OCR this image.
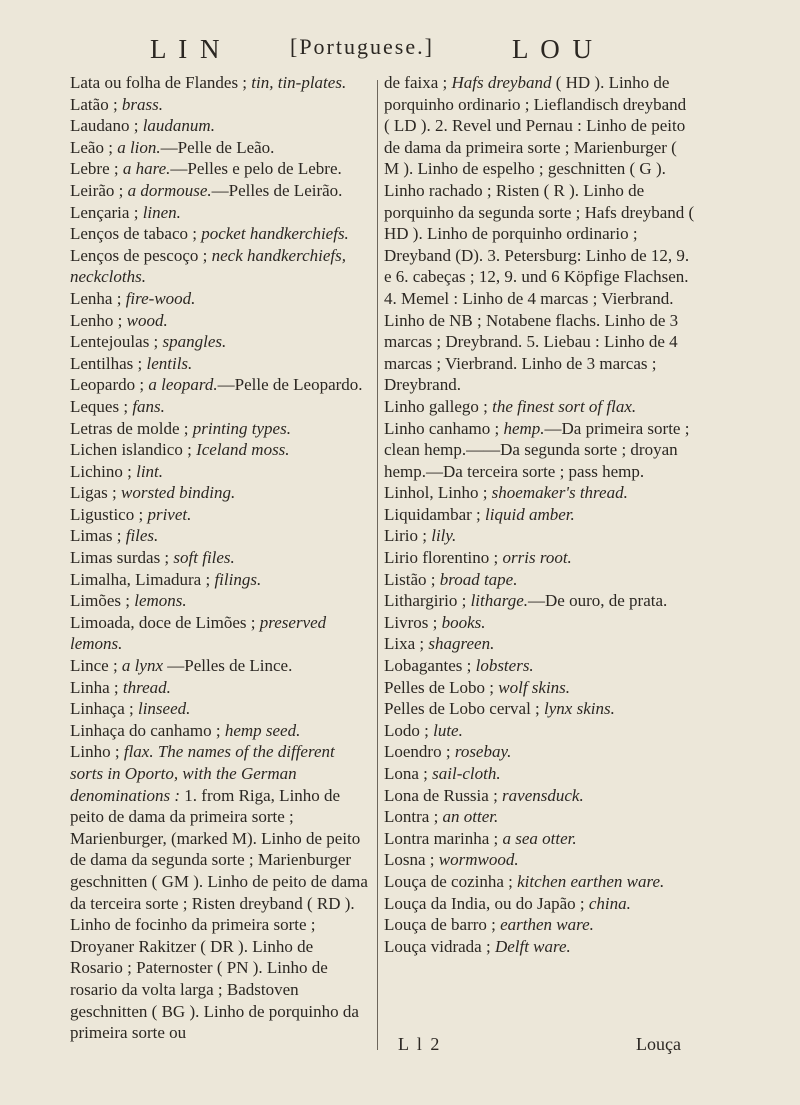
L I N	[Portuguese.]	L O U
Lata ou folha de Flandes ; tin, tin-plates.
Latão ; brass.
Laudano ; laudanum.
Leão ; a lion.—Pelle de Leão.
Lebre ; a hare.—Pelles e pelo de Lebre.
Leirão ; a dormouse.—Pelles de Leirão.
Lençaria ; linen.
Lenços de tabaco ; pocket handkerchiefs.
Lenços de pescoço ; neck handkerchiefs, neckcloths.
Lenha ; fire-wood.
Lenho ; wood.
Lentejoulas ; spangles.
Lentilhas ; lentils.
Leopardo ; a leopard.—Pelle de Leopardo.
Leques ; fans.
Letras de molde ; printing types.
Lichen islandico ; Iceland moss.
Lichino ; lint.
Ligas ; worsted binding.
Ligustico ; privet.
Limas ; files.
Limas surdas ; soft files.
Limalha, Limadura ; filings.
Limões ; lemons.
Limoada, doce de Limões ; preserved lemons.
Lince ; a lynx —Pelles de Lince.
Linha ; thread.
Linhaça ; linseed.
Linhaça do canhamo ; hemp seed.
Linho ; flax. The names of the different sorts in Oporto, with the German denominations : 1. from Riga, Linho de peito de dama da primeira sorte ; Marienburger, (marked M). Linho de peito de dama da segunda sorte ; Marienburger geschnitten ( GM ). Linho de peito de dama da terceira sorte ; Risten dreyband ( RD ). Linho de focinho da primeira sorte ; Droyaner Rakitzer ( DR ). Linho de Rosario ; Paternoster ( PN ). Linho de rosario da volta larga ; Badstoven geschnitten ( BG ). Linho de porquinho da primeira sorte ou
de faixa ; Hafs dreyband ( HD ). Linho de porquinho ordinario ; Lieflandisch dreyband ( LD ). 2. Revel und Pernau : Linho de peito de dama da primeira sorte ; Marienburger ( M ). Linho de espelho ; geschnitten ( G ). Linho rachado ; Risten ( R ). Linho de porquinho da segunda sorte ; Hafs dreyband ( HD ). Linho de porquinho ordinario ; Dreyband (D). 3. Petersburg: Linho de 12, 9. e 6. cabeças ; 12, 9. und 6 Köpfige Flachsen. 4. Memel : Linho de 4 marcas ; Vierbrand. Linho de NB ; Notabene flachs. Linho de 3 marcas ; Dreybrand. 5. Liebau : Linho de 4 marcas ; Vierbrand. Linho de 3 marcas ; Dreybrand.
Linho gallego ; the finest sort of flax.
Linho canhamo ; hemp.—Da primeira sorte ; clean hemp.——Da segunda sorte ; droyan hemp.—Da terceira sorte ; pass hemp.
Linhol, Linho ; shoemaker's thread.
Liquidambar ; liquid amber.
Lirio ; lily.
Lirio florentino ; orris root.
Listão ; broad tape.
Lithargirio ; litharge.—De ouro, de prata.
Livros ; books.
Lixa ; shagreen.
Lobagantes ; lobsters.
Pelles de Lobo ; wolf skins.
Pelles de Lobo cerval ; lynx skins.
Lodo ; lute.
Loendro ; rosebay.
Lona ; sail-cloth.
Lona de Russia ; ravensduck.
Lontra ; an otter.
Lontra marinha ; a sea otter.
Losna ; wormwood.
Louça de cozinha ; kitchen earthen ware.
Louça da India, ou do Japão ; china.
Louça de barro ; earthen ware.
Louça vidrada ; Delft ware.
L l 2	Louça
